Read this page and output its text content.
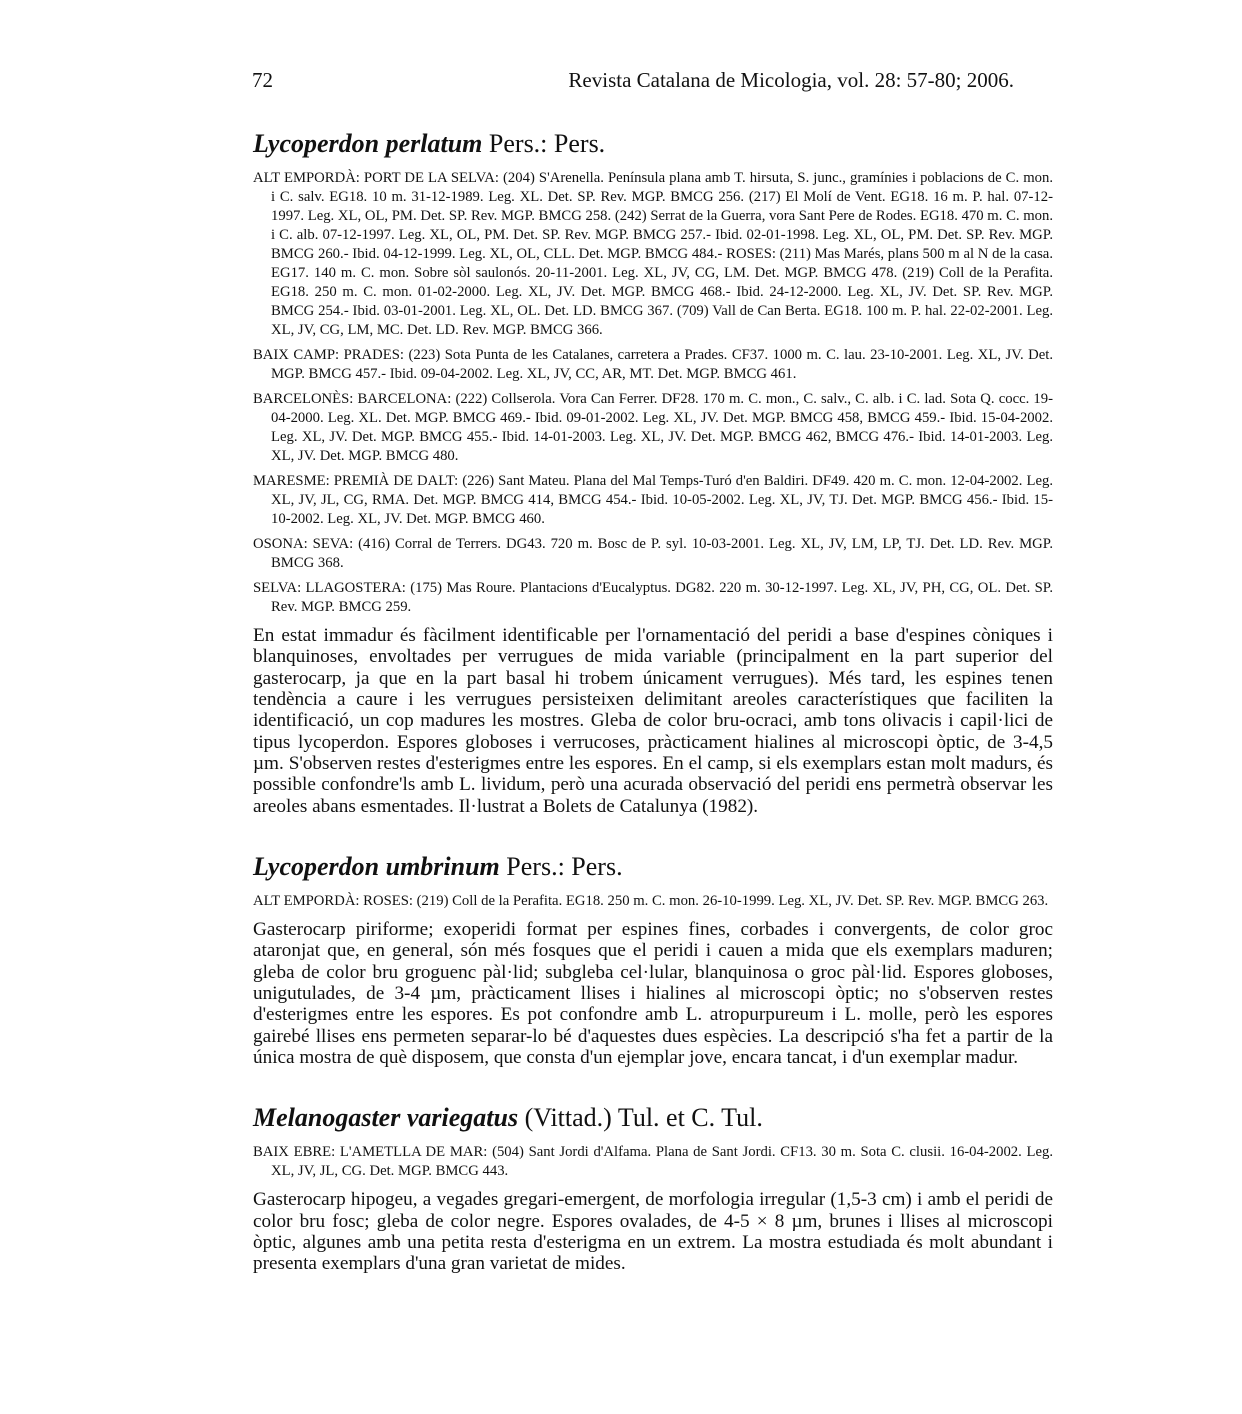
72	Revista Catalana de Micologia, vol. 28: 57-80; 2006.
Lycoperdon perlatum Pers.: Pers.

ALT EMPORDÀ: PORT DE LA SELVA: (204) S'Arenella. Península plana amb T. hirsuta, S. junc., gramínies i poblacions de C. mon. i C. salv. EG18. 10 m. 31-12-1989. Leg. XL. Det. SP. Rev. MGP. BMCG 256. (217) El Molí de Vent. EG18. 16 m. P. hal. 07-12-1997. Leg. XL, OL, PM. Det. SP. Rev. MGP. BMCG 258. (242) Serrat de la Guerra, vora Sant Pere de Rodes. EG18. 470 m. C. mon. i C. alb. 07-12-1997. Leg. XL, OL, PM. Det. SP. Rev. MGP. BMCG 257.- Ibid. 02-01-1998. Leg. XL, OL, PM. Det. SP. Rev. MGP. BMCG 260.- Ibid. 04-12-1999. Leg. XL, OL, CLL. Det. MGP. BMCG 484.- ROSES: (211) Mas Marés, plans 500 m al N de la casa. EG17. 140 m. C. mon. Sobre sòl saulonós. 20-11-2001. Leg. XL, JV, CG, LM. Det. MGP. BMCG 478. (219) Coll de la Perafita. EG18. 250 m. C. mon. 01-02-2000. Leg. XL, JV. Det. MGP. BMCG 468.- Ibid. 24-12-2000. Leg. XL, JV. Det. SP. Rev. MGP. BMCG 254.- Ibid. 03-01-2001. Leg. XL, OL. Det. LD. BMCG 367. (709) Vall de Can Berta. EG18. 100 m. P. hal. 22-02-2001. Leg. XL, JV, CG, LM, MC. Det. LD. Rev. MGP. BMCG 366.

BAIX CAMP: PRADES: (223) Sota Punta de les Catalanes, carretera a Prades. CF37. 1000 m. C. lau. 23-10-2001. Leg. XL, JV. Det. MGP. BMCG 457.- Ibid. 09-04-2002. Leg. XL, JV, CC, AR, MT. Det. MGP. BMCG 461.

BARCELONÈS: BARCELONA: (222) Collserola. Vora Can Ferrer. DF28. 170 m. C. mon., C. salv., C. alb. i C. lad. Sota Q. cocc. 19-04-2000. Leg. XL. Det. MGP. BMCG 469.- Ibid. 09-01-2002. Leg. XL, JV. Det. MGP. BMCG 458, BMCG 459.- Ibid. 15-04-2002. Leg. XL, JV. Det. MGP. BMCG 455.- Ibid. 14-01-2003. Leg. XL, JV. Det. MGP. BMCG 462, BMCG 476.- Ibid. 14-01-2003. Leg. XL, JV. Det. MGP. BMCG 480.

MARESME: PREMIÀ DE DALT: (226) Sant Mateu. Plana del Mal Temps-Turó d'en Baldiri. DF49. 420 m. C. mon. 12-04-2002. Leg. XL, JV, JL, CG, RMA. Det. MGP. BMCG 414, BMCG 454.- Ibid. 10-05-2002. Leg. XL, JV, TJ. Det. MGP. BMCG 456.- Ibid. 15-10-2002. Leg. XL, JV. Det. MGP. BMCG 460.

OSONA: SEVA: (416) Corral de Terrers. DG43. 720 m. Bosc de P. syl. 10-03-2001. Leg. XL, JV, LM, LP, TJ. Det. LD. Rev. MGP. BMCG 368.

SELVA: LLAGOSTERA: (175) Mas Roure. Plantacions d'Eucalyptus. DG82. 220 m. 30-12-1997. Leg. XL, JV, PH, CG, OL. Det. SP. Rev. MGP. BMCG 259.

En estat immadur és fàcilment identificable per l'ornamentació del peridi a base d'espines còniques i blanquinoses, envoltades per verrugues de mida variable (principalment en la part superior del gasterocarp, ja que en la part basal hi trobem únicament verrugues). Més tard, les espines tenen tendència a caure i les verrugues persisteixen delimitant areoles característiques que faciliten la identificació, un cop madures les mostres. Gleba de color bru-ocraci, amb tons olivacis i capil·lici de tipus lycoperdon. Espores globoses i verrucoses, pràcticament hialines al microscopi òptic, de 3-4,5 µm. S'observen restes d'esterigmes entre les espores. En el camp, si els exemplars estan molt madurs, és possible confondre'ls amb L. lividum, però una acurada observació del peridi ens permetrà observar les areoles abans esmentades. Il·lustrat a Bolets de Catalunya (1982).

Lycoperdon umbrinum Pers.: Pers.

ALT EMPORDÀ: ROSES: (219) Coll de la Perafita. EG18. 250 m. C. mon. 26-10-1999. Leg. XL, JV. Det. SP. Rev. MGP. BMCG 263.

Gasterocarp piriforme; exoperidi format per espines fines, corbades i convergents, de color groc ataronjat que, en general, són més fosques que el peridi i cauen a mida que els exemplars maduren; gleba de color bru groguenc pàl·lid; subgleba cel·lular, blanquinosa o groc pàl·lid. Espores globoses, unigutulades, de 3-4 µm, pràcticament llises i hialines al microscopi òptic; no s'observen restes d'esterigmes entre les espores. Es pot confondre amb L. atropurpureum i L. molle, però les espores gairebé llises ens permeten separar-lo bé d'aquestes dues espècies. La descripció s'ha fet a partir de la única mostra de què disposem, que consta d'un ejemplar jove, encara tancat, i d'un exemplar madur.

Melanogaster variegatus (Vittad.) Tul. et C. Tul.

BAIX EBRE: L'AMETLLA DE MAR: (504) Sant Jordi d'Alfama. Plana de Sant Jordi. CF13. 30 m. Sota C. clusii. 16-04-2002. Leg. XL, JV, JL, CG. Det. MGP. BMCG 443.

Gasterocarp hipogeu, a vegades gregari-emergent, de morfologia irregular (1,5-3 cm) i amb el peridi de color bru fosc; gleba de color negre. Espores ovalades, de 4-5 × 8 µm, brunes i llises al microscopi òptic, algunes amb una petita resta d'esterigma en un extrem. La mostra estudiada és molt abundant i presenta exemplars d'una gran varietat de mides.
